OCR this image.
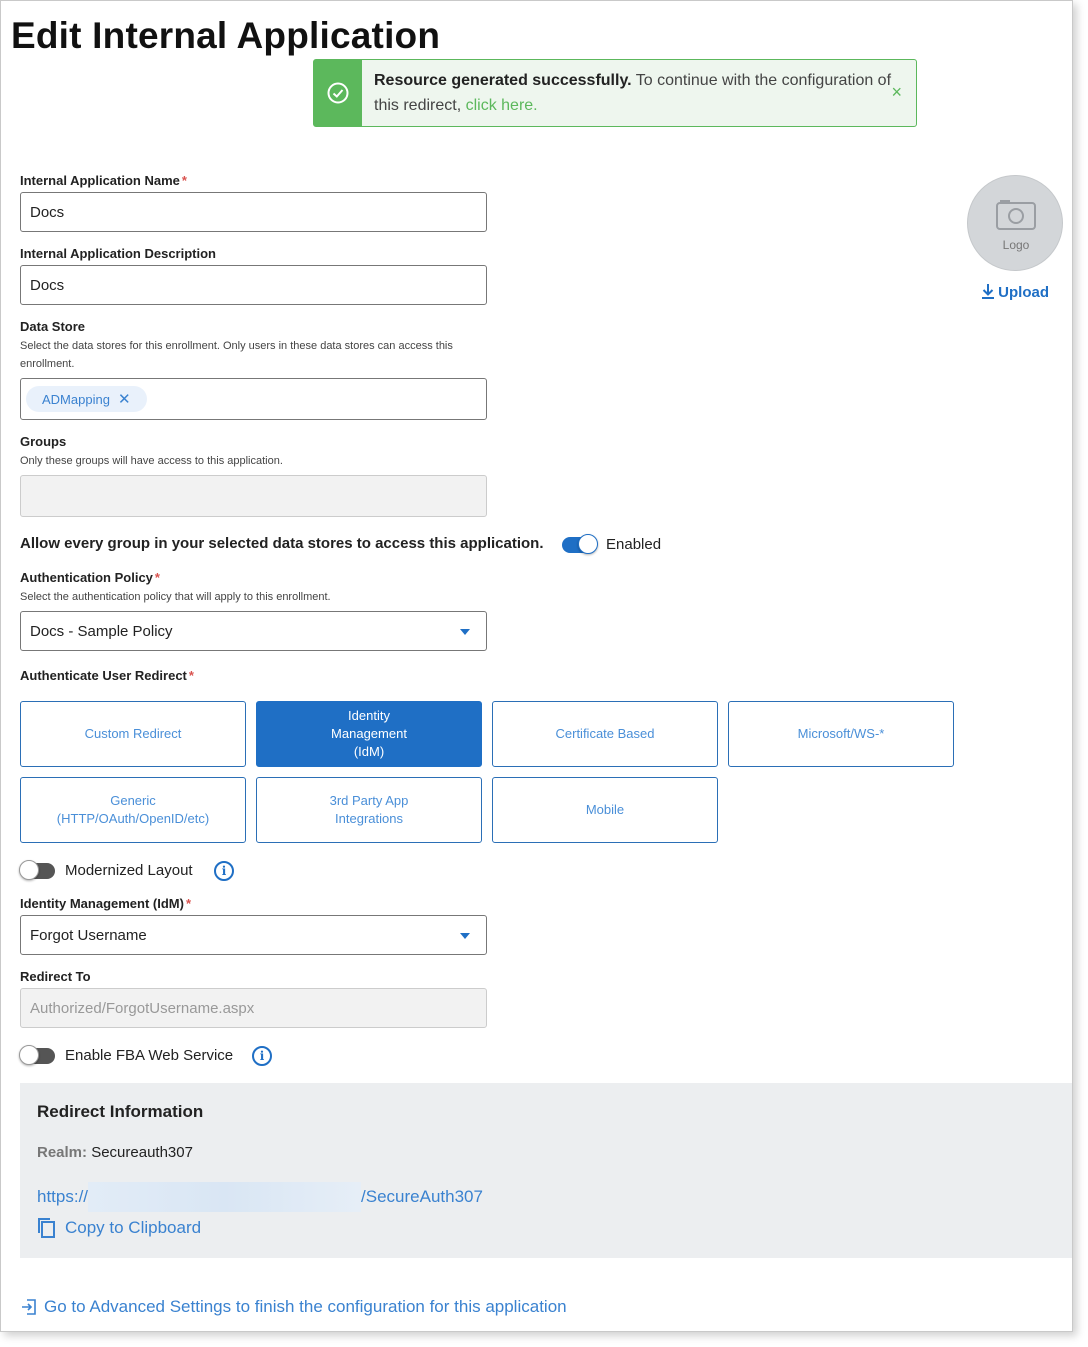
Edit Internal Application
Resource generated successfully. To continue with the configuration of this redirect, click here.
×
Logo
Upload
Internal Application Name *
Docs
Internal Application Description
Docs
Data Store
Select the data stores for this enrollment. Only users in these data stores can access this enrollment.
ADMapping ✕
Groups
Only these groups will have access to this application.
Allow every group in your selected data stores to access this application.	Enabled
Authentication Policy *
Select the authentication policy that will apply to this enrollment.
Docs - Sample Policy
Authenticate User Redirect *
Custom Redirect
Identity Management (IdM)
Certificate Based	Microsoft/WS-*
Generic (HTTP/OAuth/OpenID/etc)
3rd Party App Integrations
Mobile
Modernized Layout	i
Identity Management (IdM) *
Forgot Username
Redirect To
Authorized/ForgotUsername.aspx
Enable FBA Web Service	i
Redirect Information
Realm: Secureauth307
https://	/SecureAuth307
Copy to Clipboard
Go to Advanced Settings to finish the configuration for this application
